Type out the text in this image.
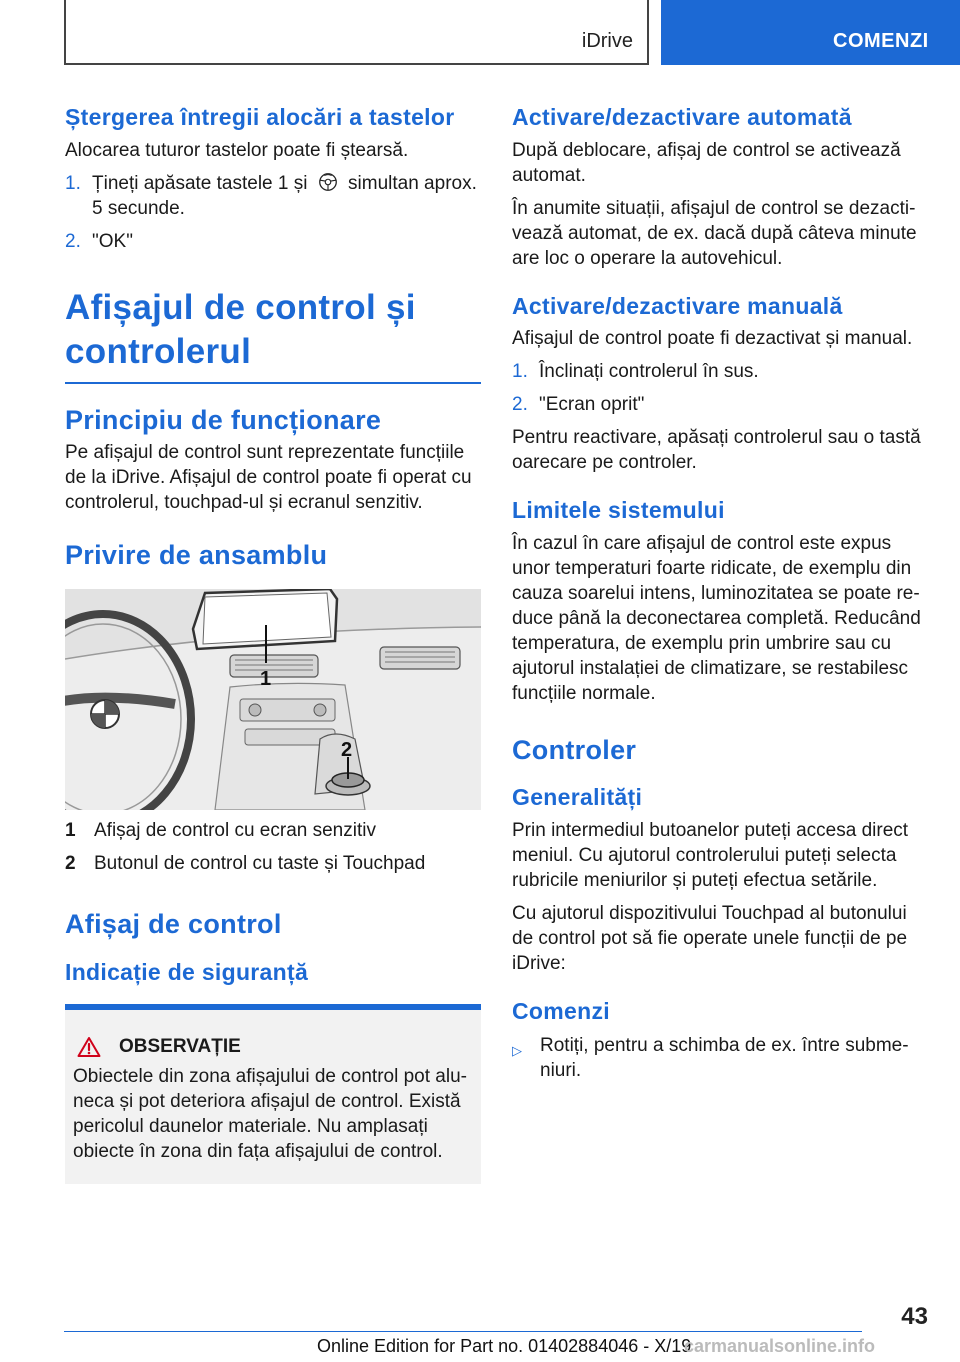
iDrive	COMENZI
Ștergerea întregii alocări a tastelor
Alocarea tuturor tastelor poate fi ștearsă.
1. Țineți apăsate tastele 1 și simultan aprox. 5 secunde.
2. "OK"
Afișajul de control și
controlerul
Principiu de funcționare
Pe afișajul de control sunt reprezentate funcțiile de la iDrive. Afișajul de control poate fi operat cu controlerul, touchpad-ul și ecranul senzitiv.
Privire de ansamblu
1
2
1 Afișaj de control cu ecran senzitiv
2 Butonul de control cu taste și Touchpad
Afișaj de control
Indicație de siguranță
OBSERVAȚIE
Obiectele din zona afișajului de control pot aluneca și pot deteriora afișajul de control. Există pericolul daunelor materiale. Nu amplasați obiecte în zona din fața afișajului de control.
Activare/dezactivare automată
După deblocare, afișaj de control se activează automat.
În anumite situații, afișajul de control se dezactivează automat, de ex. dacă după câteva minute are loc o operare la autovehicul.
Activare/dezactivare manuală
Afișajul de control poate fi dezactivat și manual.
1. Înclinați controlerul în sus.
2. "Ecran oprit"
Pentru reactivare, apăsați controlerul sau o tastă oarecare pe controler.
Limitele sistemului
În cazul în care afișajul de control este expus unor temperaturi foarte ridicate, de exemplu din cauza soarelui intens, luminozitatea se poate reduce până la deconectarea completă. Reducând temperatura, de exemplu prin umbrire sau cu ajutorul instalației de climatizare, se restabilesc funcțiile normale.
Controler
Generalități
Prin intermediul butoanelor puteți accesa direct meniul. Cu ajutorul controlerului puteți selecta rubricile meniurilor și puteți efectua setările.
Cu ajutorul dispozitivului Touchpad al butonului de control pot să fie operate unele funcții de pe iDrive:
Comenzi
▷ Rotiți, pentru a schimba de ex. între submeniuri.
43
Online Edition for Part no. 01402884046 - X/19
carmanualsonline.info
